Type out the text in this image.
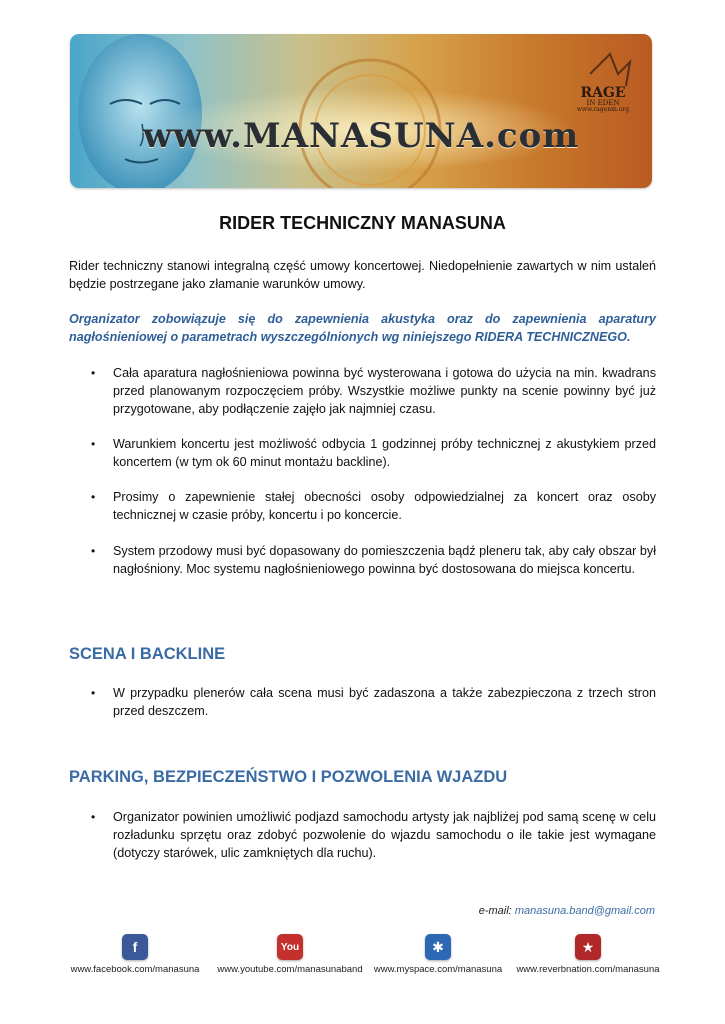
www.MANASUNA.com
RAGE
IN EDEN
www.ragenin.org
RIDER TECHNICZNY MANASUNA

Rider techniczny stanowi integralną część umowy koncertowej. Niedopełnienie zawartych w nim ustaleń będzie postrzegane jako złamanie warunków umowy.

Organizator zobowiązuje się do zapewnienia akustyka oraz do zapewnienia aparatury nagłośnieniowej o parametrach wyszczególnionych wg niniejszego RIDERA TECHNICZNEGO.

• Cała aparatura nagłośnieniowa powinna być wysterowana i gotowa do użycia na min. kwadrans przed planowanym rozpoczęciem próby. Wszystkie możliwe punkty na scenie powinny być już przygotowane, aby podłączenie zajęło jak najmniej czasu.

• Warunkiem koncertu jest możliwość odbycia 1 godzinnej próby technicznej z akustykiem przed koncertem (w tym ok 60 minut montażu backline).

• Prosimy o zapewnienie stałej obecności osoby odpowiedzialnej za koncert oraz osoby technicznej w czasie próby, koncertu i po koncercie.

• System przodowy musi być dopasowany do pomieszczenia bądź pleneru tak, aby cały obszar był nagłośniony. Moc systemu nagłośnieniowego powinna być dostosowana do miejsca koncertu.

SCENA I BACKLINE

• W przypadku plenerów cała scena musi być zadaszona a także zabezpieczona z trzech stron przed deszczem.

PARKING, BEZPIECZEŃSTWO I POZWOLENIA WJAZDU

• Organizator powinien umożliwić podjazd samochodu artysty jak najbliżej pod samą scenę w celu rozładunku sprzętu oraz zdobyć pozwolenie do wjazdu samochodu o ile takie jest wymagane (dotyczy starówek, ulic zamkniętych dla ruchu).

e-mail: manasuna.band@gmail.com
f
www.facebook.com/manasuna
You
www.youtube.com/manasunaband
✱
www.myspace.com/manasuna
★
www.reverbnation.com/manasuna
